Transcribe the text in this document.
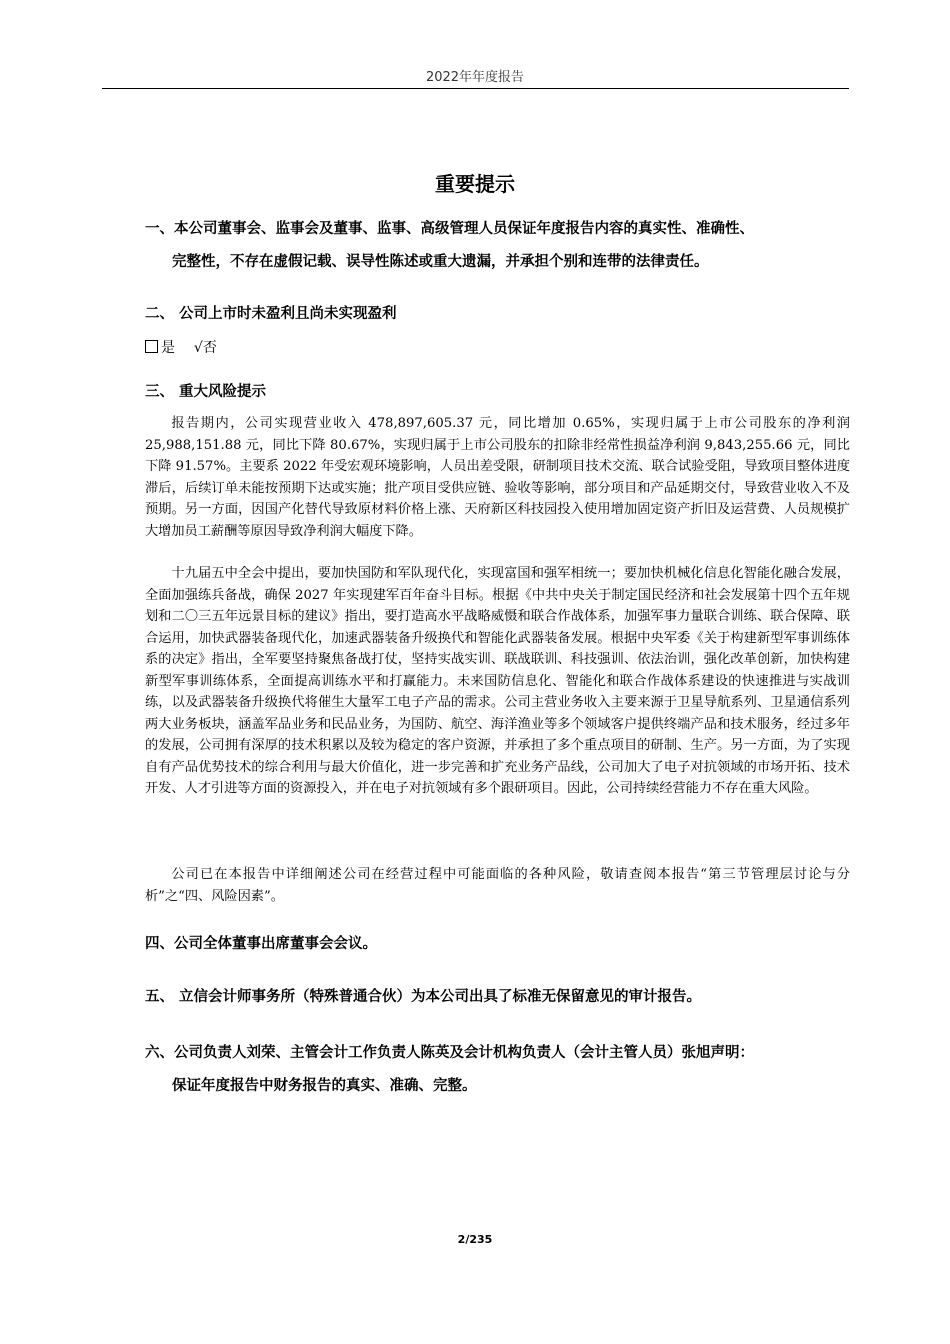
2022年年度报告
重要提示
一、本公司董事会、监事会及董事、监事、高级管理人员保证年度报告内容的真实性、准确性、
完整性，不存在虚假记载、误导性陈述或重大遗漏，并承担个别和连带的法律责任。
二、 公司上市时未盈利且尚未实现盈利
是 √否
三、 重大风险提示

报告期内，公司实现营业收入 478,897,605.37 元，同比增加 0.65%，实现归属于上市公司股东的净利润 25,988,151.88 元，同比下降 80.67%，实现归属于上市公司股东的扣除非经常性损益净利润 9,843,255.66 元，同比下降 91.57%。主要系 2022 年受宏观环境影响，人员出差受限，研制项目技术交流、联合试验受阻，导致项目整体进度滞后，后续订单未能按预期下达或实施；批产项目受供应链、验收等影响，部分项目和产品延期交付，导致营业收入不及预期。另一方面，因国产化替代导致原材料价格上涨、天府新区科技园投入使用增加固定资产折旧及运营费、人员规模扩大增加员工薪酬等原因导致净利润大幅度下降。

十九届五中全会中提出，要加快国防和军队现代化，实现富国和强军相统一；要加快机械化信息化智能化融合发展，全面加强练兵备战，确保 2027 年实现建军百年奋斗目标。根据《中共中央关于制定国民经济和社会发展第十四个五年规划和二〇三五年远景目标的建议》指出，要打造高水平战略威慑和联合作战体系，加强军事力量联合训练、联合保障、联合运用，加快武器装备现代化，加速武器装备升级换代和智能化武器装备发展。根据中央军委《关于构建新型军事训练体系的决定》指出，全军要坚持聚焦备战打仗，坚持实战实训、联战联训、科技强训、依法治训，强化改革创新，加快构建新型军事训练体系，全面提高训练水平和打赢能力。未来国防信息化、智能化和联合作战体系建设的快速推进与实战训练，以及武器装备升级换代将催生大量军工电子产品的需求。公司主营业务收入主要来源于卫星导航系列、卫星通信系列两大业务板块，涵盖军品业务和民品业务，为国防、航空、海洋渔业等多个领域客户提供终端产品和技术服务，经过多年的发展，公司拥有深厚的技术积累以及较为稳定的客户资源，并承担了多个重点项目的研制、生产。另一方面，为了实现自有产品优势技术的综合利用与最大价值化，进一步完善和扩充业务产品线，公司加大了电子对抗领域的市场开拓、技术开发、人才引进等方面的资源投入，并在电子对抗领域有多个跟研项目。因此，公司持续经营能力不存在重大风险。

公司已在本报告中详细阐述公司在经营过程中可能面临的各种风险，敬请查阅本报告“第三节管理层讨论与分析”之“四、风险因素”。

四、公司全体董事出席董事会会议。
五、 立信会计师事务所（特殊普通合伙）为本公司出具了标准无保留意见的审计报告。
六、公司负责人刘荣、主管会计工作负责人陈英及会计机构负责人（会计主管人员）张旭声明：
保证年度报告中财务报告的真实、准确、完整。
2/235
